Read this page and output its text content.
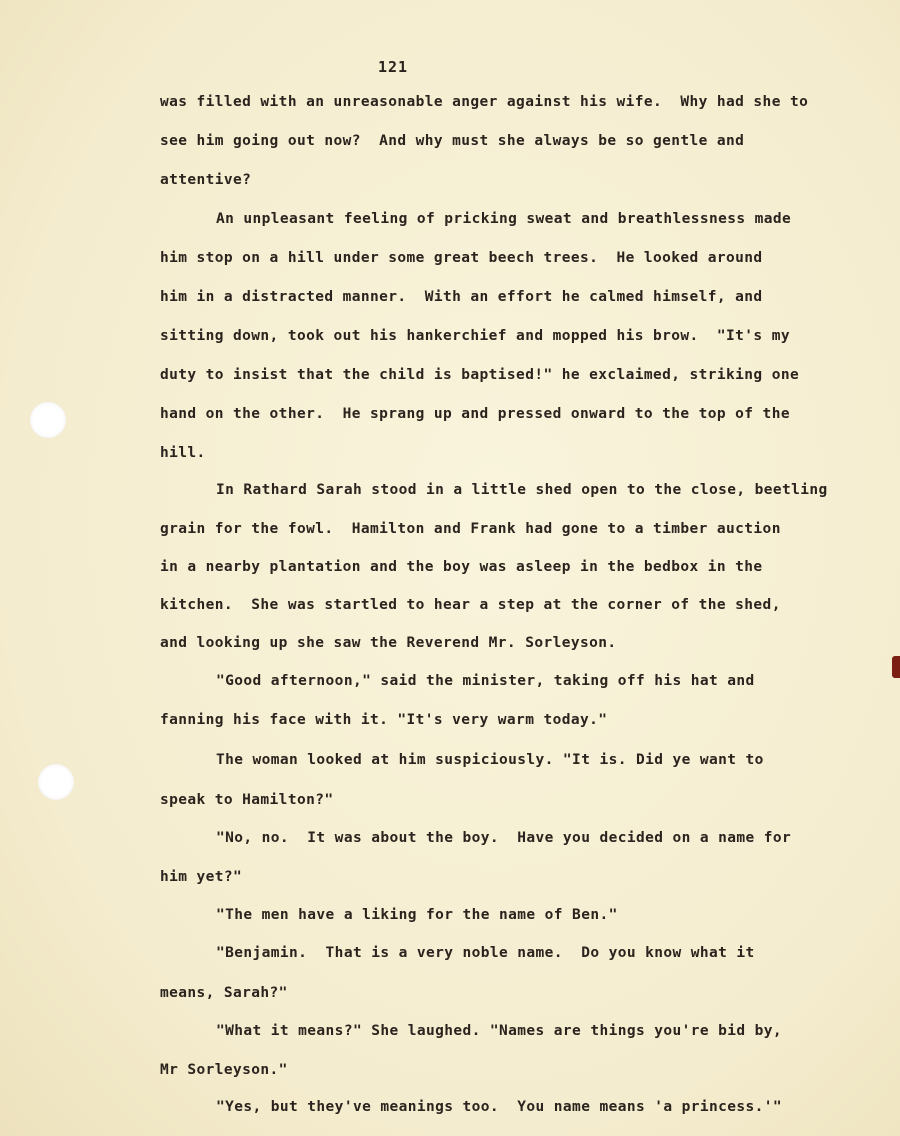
121
was filled with an unreasonable anger against his wife.  Why had she to
see him going out now?  And why must she always be so gentle and
attentive?
An unpleasant feeling of pricking sweat and breathlessness made
him stop on a hill under some great beech trees.  He looked around
him in a distracted manner.  With an effort he calmed himself, and
sitting down, took out his hankerchief and mopped his brow.  "It's my
duty to insist that the child is baptised!" he exclaimed, striking one
hand on the other.  He sprang up and pressed onward to the top of the
hill.
In Rathard Sarah stood in a little shed open to the close, beetling
grain for the fowl.  Hamilton and Frank had gone to a timber auction
in a nearby plantation and the boy was asleep in the bedbox in the
kitchen.  She was startled to hear a step at the corner of the shed,
and looking up she saw the Reverend Mr. Sorleyson.
"Good afternoon," said the minister, taking off his hat and
fanning his face with it. "It's very warm today."
The woman looked at him suspiciously. "It is. Did ye want to
speak to Hamilton?"
"No, no.  It was about the boy.  Have you decided on a name for
him yet?"
"The men have a liking for the name of Ben."
"Benjamin.  That is a very noble name.  Do you know what it
means, Sarah?"
"What it means?" She laughed. "Names are things you're bid by,
Mr Sorleyson."
"Yes, but they've meanings too.  You name means 'a princess.'"
